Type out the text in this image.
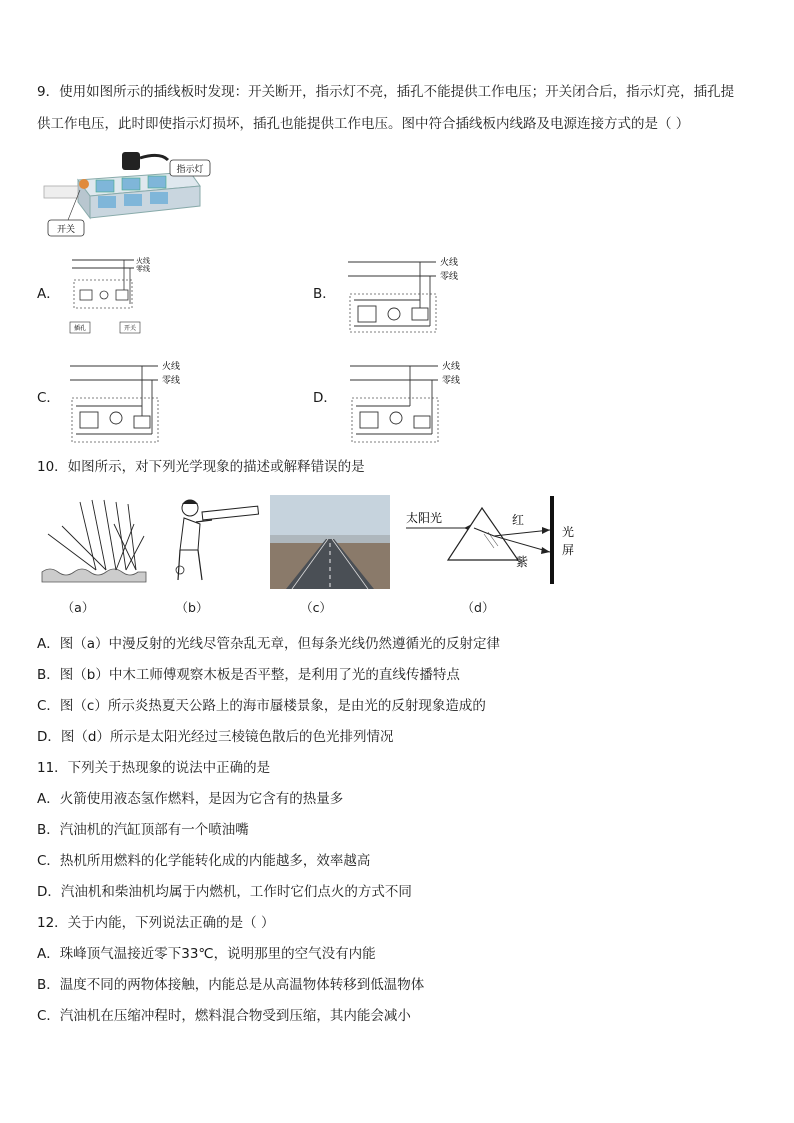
9．使用如图所示的插线板时发现：开关断开，指示灯不亮，插孔不能提供工作电压；开关闭合后，指示灯亮，插孔提
供工作电压，此时即使指示灯损坏，插孔也能提供工作电压。图中符合插线板内线路及电源连接方式的是（ ）
指示灯
开关
A．
火线
零线
插孔	开关
B．
火线
零线
C．
火线
零线
D．
火线
零线
10．如图所示，对下列光学现象的描述或解释错误的是
太阳光	红
紫
光
屏
（a）	（b）	（c）	（d）
A．图（a）中漫反射的光线尽管杂乱无章，但每条光线仍然遵循光的反射定律
B．图（b）中木工师傅观察木板是否平整，是利用了光的直线传播特点
C．图（c）所示炎热夏天公路上的海市蜃楼景象，是由光的反射现象造成的
D．图（d）所示是太阳光经过三棱镜色散后的色光排列情况
11．下列关于热现象的说法中正确的是
A．火箭使用液态氢作燃料，是因为它含有的热量多
B．汽油机的汽缸顶部有一个喷油嘴
C．热机所用燃料的化学能转化成的内能越多，效率越高
D．汽油机和柴油机均属于内燃机，工作时它们点火的方式不同
12．关于内能，下列说法正确的是（ ）
A．珠峰顶气温接近零下33℃，说明那里的空气没有内能
B．温度不同的两物体接触，内能总是从高温物体转移到低温物体
C．汽油机在压缩冲程时，燃料混合物受到压缩，其内能会减小
